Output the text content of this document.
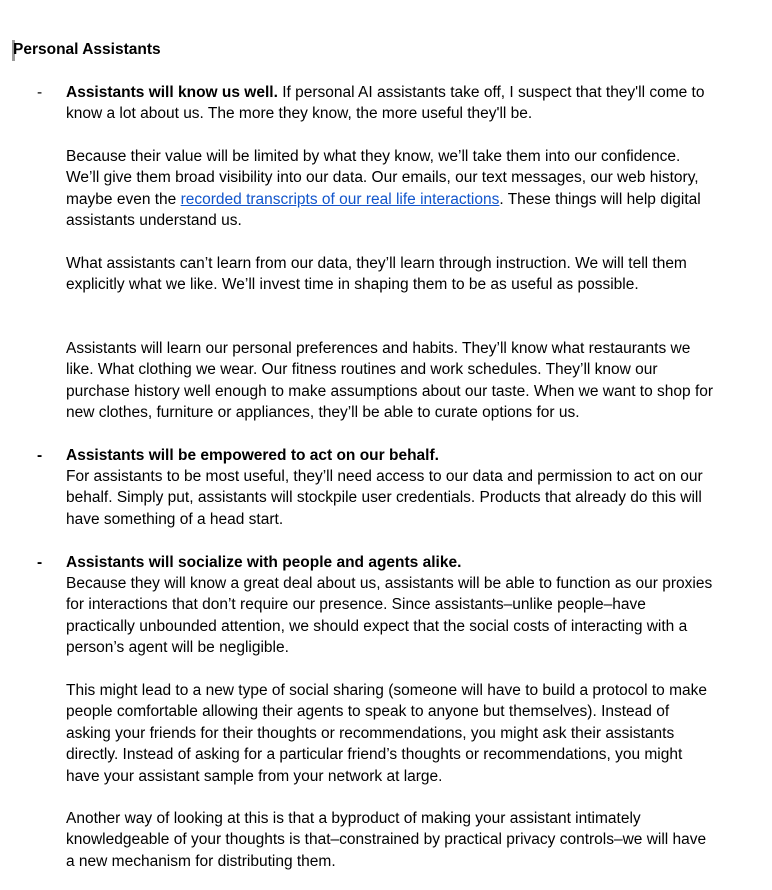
Personal Assistants
-	Assistants will know us well. If personal AI assistants take off, I suspect that they'll come to know a lot about us. The more they know, the more useful they'll be.

Because their value will be limited by what they know, we’ll take them into our confidence. We’ll give them broad visibility into our data. Our emails, our text messages, our web history, maybe even the recorded transcripts of our real life interactions. These things will help digital assistants understand us.

What assistants can’t learn from our data, they’ll learn through instruction. We will tell them explicitly what we like. We’ll invest time in shaping them to be as useful as possible.

Assistants will learn our personal preferences and habits. They’ll know what restaurants we like. What clothing we wear. Our fitness routines and work schedules. They’ll know our purchase history well enough to make assumptions about our taste. When we want to shop for new clothes, furniture or appliances, they’ll be able to curate options for us.

-	Assistants will be empowered to act on our behalf.

For assistants to be most useful, they’ll need access to our data and permission to act on our behalf. Simply put, assistants will stockpile user credentials. Products that already do this will have something of a head start.

-	Assistants will socialize with people and agents alike.

Because they will know a great deal about us, assistants will be able to function as our proxies for interactions that don’t require our presence. Since assistants–unlike people–have practically unbounded attention, we should expect that the social costs of interacting with a person’s agent will be negligible.

This might lead to a new type of social sharing (someone will have to build a protocol to make people comfortable allowing their agents to speak to anyone but themselves). Instead of asking your friends for their thoughts or recommendations, you might ask their assistants directly. Instead of asking for a particular friend’s thoughts or recommendations, you might have your assistant sample from your network at large.

Another way of looking at this is that a byproduct of making your assistant intimately knowledgeable of your thoughts is that–constrained by practical privacy controls–we will have a new mechanism for distributing them.
